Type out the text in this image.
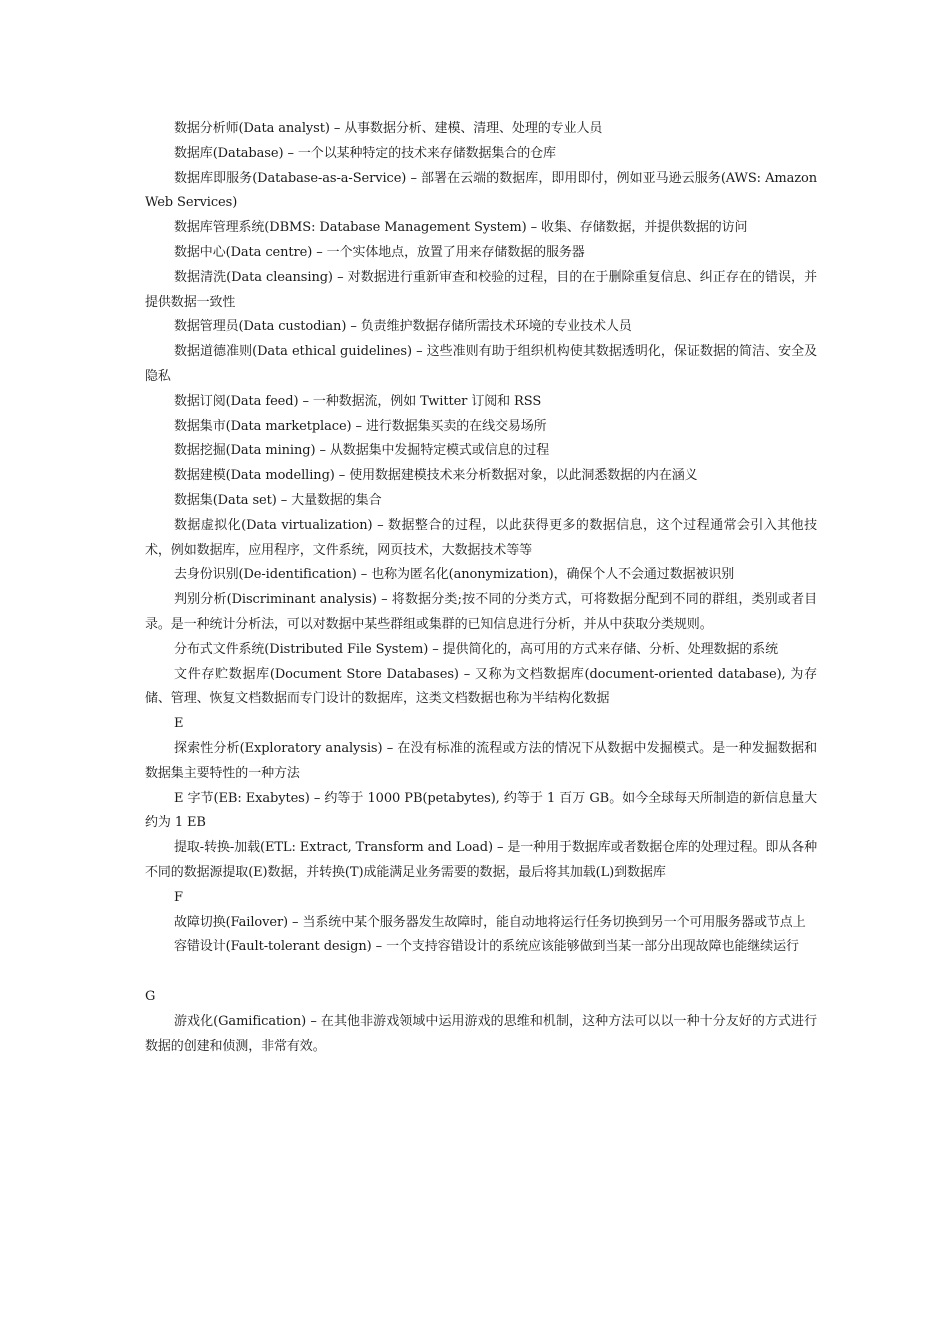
数据分析师(Data analyst) – 从事数据分析、建模、清理、处理的专业人员

数据库(Database) – 一个以某种特定的技术来存储数据集合的仓库

数据库即服务(Database-as-a-Service) – 部署在云端的数据库，即用即付，例如亚马逊云服务(AWS: Amazon Web Services)

数据库管理系统(DBMS: Database Management System) – 收集、存储数据，并提供数据的访问

数据中心(Data centre) – 一个实体地点，放置了用来存储数据的服务器

数据清洗(Data cleansing) – 对数据进行重新审查和校验的过程，目的在于删除重复信息、纠正存在的错误，并提供数据一致性

数据管理员(Data custodian) – 负责维护数据存储所需技术环境的专业技术人员

数据道德准则(Data ethical guidelines) – 这些准则有助于组织机构使其数据透明化，保证数据的简洁、安全及隐私

数据订阅(Data feed) – 一种数据流，例如 Twitter 订阅和 RSS

数据集市(Data marketplace) – 进行数据集买卖的在线交易场所

数据挖掘(Data mining) – 从数据集中发掘特定模式或信息的过程

数据建模(Data modelling) – 使用数据建模技术来分析数据对象，以此洞悉数据的内在涵义

数据集(Data set) – 大量数据的集合

数据虚拟化(Data virtualization) – 数据整合的过程，以此获得更多的数据信息，这个过程通常会引入其他技术，例如数据库，应用程序，文件系统，网页技术，大数据技术等等

去身份识别(De-identification) – 也称为匿名化(anonymization)，确保个人不会通过数据被识别

判别分析(Discriminant analysis) – 将数据分类;按不同的分类方式，可将数据分配到不同的群组，类别或者目录。是一种统计分析法，可以对数据中某些群组或集群的已知信息进行分析，并从中获取分类规则。

分布式文件系统(Distributed File System) – 提供简化的，高可用的方式来存储、分析、处理数据的系统

文件存贮数据库(Document Store Databases) – 又称为文档数据库(document-oriented database), 为存储、管理、恢复文档数据而专门设计的数据库，这类文档数据也称为半结构化数据

E

探索性分析(Exploratory analysis) – 在没有标准的流程或方法的情况下从数据中发掘模式。是一种发掘数据和数据集主要特性的一种方法

E 字节(EB: Exabytes) – 约等于 1000 PB(petabytes), 约等于 1 百万 GB。如今全球每天所制造的新信息量大约为 1 EB

提取-转换-加载(ETL: Extract, Transform and Load) – 是一种用于数据库或者数据仓库的处理过程。即从各种不同的数据源提取(E)数据，并转换(T)成能满足业务需要的数据，最后将其加载(L)到数据库

F

故障切换(Failover) – 当系统中某个服务器发生故障时，能自动地将运行任务切换到另一个可用服务器或节点上

容错设计(Fault-tolerant design) – 一个支持容错设计的系统应该能够做到当某一部分出现故障也能继续运行

G

游戏化(Gamification) – 在其他非游戏领域中运用游戏的思维和机制，这种方法可以以一种十分友好的方式进行数据的创建和侦测，非常有效。
